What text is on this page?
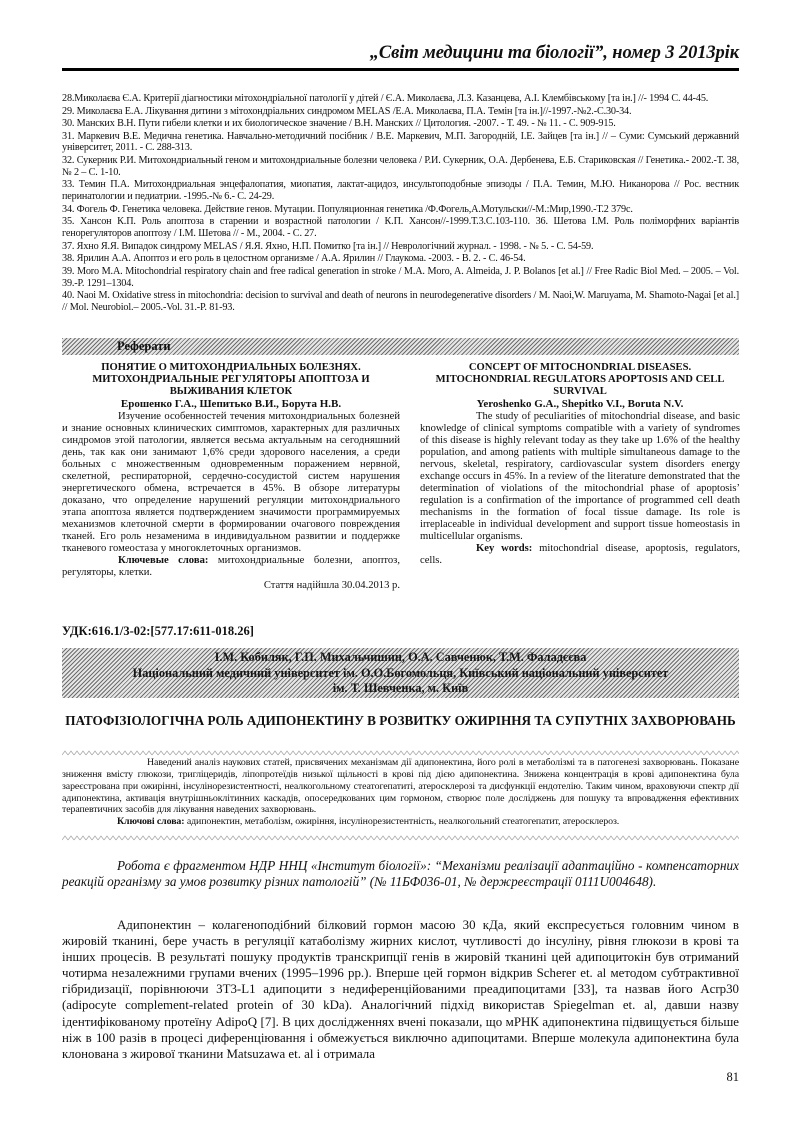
„Світ медицини та біології”, номер 3 2013рік

28.Миколаєва Є.А. Критерії діагностики мітохондріальної патології у дітей / Є.А. Миколаєва, Л.З. Казанцева, А.І. Клембівському [та ін.] //- 1994 С. 44-45.

29. Миколаєва Е.А. Лікування дитини з мітохондріальних синдромом MELAS /Е.А. Миколаєва, П.А. Темін [та ін.]//-1997.-№2.-С.30-34.

30. Манских В.Н. Пути гибели клетки и их биологическое значение / В.Н. Манских // Цитология. -2007. - Т. 49. - № 11. - С. 909-915.

31. Маркевич В.Е. Медична генетика. Навчально-методичний посібник / В.Е. Маркевич, М.П. Загородній, І.Е. Зайцев [та ін.] // – Суми: Сумський державний університет, 2011. - С. 288-313.

32. Сукерник Р.И. Митохондриальный геном и митохондриальные болезни человека / Р.И. Сукерник, О.А. Дербенева, Е.Б. Стариковская // Генетика.- 2002.-Т. 38, № 2 – С. 1-10.

33. Темин П.А. Митохондриальная энцефалопатия, миопатия, лактат-ацидоз, инсультоподобные эпизоды / П.А. Темин, М.Ю. Никанорова // Рос. вестник перинатологии и педиатрии. -1995.-№ 6.- С. 24-29.

34. Фогель Ф. Генетика человека. Действие генов. Мутации. Популяционная генетика /Ф.Фогель,А.Мотульски//-М.:Мир,1990.-Т.2 379с.

35. Хансон К.П. Роль апоптоза в старении и возрастной патологии / К.П. Хансон//-1999.Т.3.С.103-110. 36. Шетова І.М. Роль поліморфних варіантів генорегуляторов апоптозу / І.М. Шетова // - М., 2004. - С. 27.

37. Яхно Я.Я. Випадок синдрому MELAS / Я.Я. Яхно, Н.П. Помитко [та ін.] // Неврологічний журнал. - 1998. - № 5. - С. 54-59.

38. Ярилин А.А. Апоптоз и его роль в целостном организме / А.А. Ярилин // Глаукома. -2003. - В. 2. - С. 46-54.

39. Moro M.A. Mitochondrial respiratory chain and free radical generation in stroke / M.A. Moro, A. Almeida, J. P. Bolanos [et al.] // Free Radic Biol Med. – 2005. – Vol. 39.-P. 1291–1304.

40. Naoi M. Oxidative stress in mitochondria: decision to survival and death of neurons in neurodegenerative disorders / M. Naoi,W. Maruyama, M. Shamoto-Nagai [et al.] // Mol. Neurobiol.– 2005.-Vol. 31.-P. 81-93.

Реферати
ПОНЯТИЕ О МИТОХОНДРИАЛЬНЫХ БОЛЕЗНЯХ. МИТОХОНДРИАЛЬНЫЕ РЕГУЛЯТОРЫ АПОПТОЗА И ВЫЖИВАНИЯ КЛЕТОК
Ерошенко Г.А., Шепитько В.И., Борута Н.В.
Изучение особенностей течения митохондриальных болезней и знание основных клинических симптомов, характерных для различных синдромов этой патологии, является весьма актуальным на сегодняшний день, так как они занимают 1,6% среди здорового населения, а среди больных с множественным одновременным поражением нервной, скелетной, респираторной, сердечно-сосудистой систем нарушения энергетического обмена, встречается в 45%. В обзоре литературы доказано, что определение нарушений регуляции митохондриального этапа апоптоза является подтверждением значимости программируемых механизмов клеточной смерти в формировании очагового повреждения тканей. Его роль незаменима в индивидуальном развитии и поддержке тканевого гомеостаза у многоклеточных организмов.
Ключевые слова: митохондриальные болезни, апоптоз, регуляторы, клетки.
Стаття надійшла 30.04.2013 р.
CONCEPT OF MITOCHONDRIAL DISEASES. MITOCHONDRIAL REGULATORS APOPTOSIS AND CELL SURVIVAL
Yeroshenko G.A., Shepitko V.I., Boruta N.V.
The study of peculiarities of mitochondrial disease, and basic knowledge of clinical symptoms compatible with a variety of syndromes of this disease is highly relevant today as they take up 1.6% of the healthy population, and among patients with multiple simultaneous damage to the nervous, skeletal, respiratory, cardiovascular system disorders energy exchange occurs in 45%. In a review of the literature demonstrated that the determination of violations of the mitochondrial phase of apoptosis’ regulation is a confirmation of the importance of programmed cell death mechanisms in the formation of focal tissue damage. Its role is irreplaceable in individual development and support tissue homeostasis in multicellular organisms.
Key words: mitochondrial disease, apoptosis, regulators, cells.
УДК:616.1/3-02:[577.17:611-018.26]
І.М. Кобиляк, Г.П. Михальчишин, О.А. Савченюк, Т.М. Фаладєєва
Національний медичний університет ім. О.О.Богомольця, Київський національний університет
ім. Т. Шевченка, м. Київ
ПАТОФІЗІОЛОГІЧНА РОЛЬ АДИПОНЕКТИНУ В РОЗВИТКУ ОЖИРІННЯ ТА СУПУТНІХ ЗАХВОРЮВАНЬ
Наведений аналіз наукових статей, присвячених механізмам дії адипонектина, його ролі в метаболізмі та в патогенезі захворювань. Показане зниження вмісту глюкози, тригліцеридів, ліпопротеїдів низької щільності в крові під дією адипонектина. Знижена концентрація в крові адипонектина була зареєстрована при ожирінні, інсулінорезистентності, неалкогольному стеатогепатиті, атеросклерозі та дисфункції ендотелію. Таким чином, враховуючи спектр дії адипонектина, активація внутрішньоклітинних каскадів, опосередкованих цим гормоном, створює поле досліджень для пошуку та впровадження ефективних терапевтичних засобів для лікування наведених захворювань.
Ключові слова: адипонектин, метаболізм, ожиріння, інсулінорезистентність, неалкогольний стеатогепатит, атеросклероз.
Робота є фрагментом НДР ННЦ «Інститут біології»: “Механізми реалізації адаптаційно - компенсаторних реакцій організму за умов розвитку різних патологій” (№ 11БФ036-01, № держреєстрації 0111U004648).
Адипонектин – колагеноподібний білковий гормон масою 30 кДа, який експресується головним чином в жировій тканині, бере участь в регуляції катаболізму жирних кислот, чутливості до інсуліну, рівня глюкози в крові та інших процесів. В результаті пошуку продуктів транскрипції генів в жировій тканині цей адипоцитокін був отриманий чотирма незалежними групами вчених (1995–1996 рр.). Вперше цей гормон відкрив Scherer et. al методом субтрактивної гібридизації, порівнюючи 3T3-L1 адипоцити з недиференційованими преадипоцитами [33], та назвав його Acrp30 (adipocyte complement-related protein of 30 kDa). Аналогічний підхід використав Spiegelman et. al, давши назву ідентифікованому протеїну AdipoQ [7]. В цих дослідженнях вчені показали, що мРНК адипонектина підвищується більше ніж в 100 разів в процесі диференціювання і обмежується виключно адипоцитами. Вперше молекула адипонектина була клонована з жирової тканини Matsuzawa et. al і отримала
81
